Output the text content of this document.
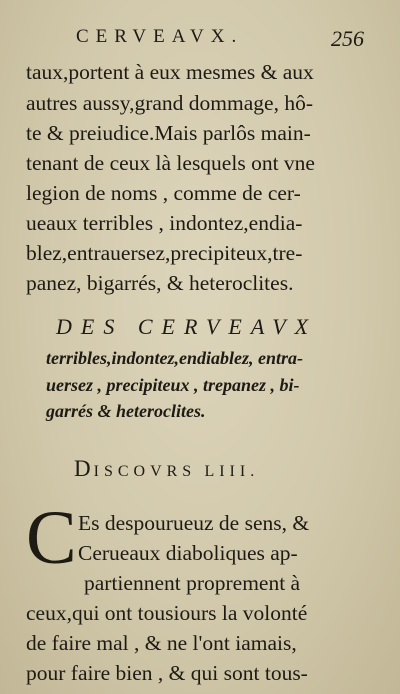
CERVEAVX.	256
taux,portent à eux mesmes & aux
autres aussy,grand dommage, hô-
te & preiudice.Mais parlôs main-
tenant de ceux là lesquels ont vne
legion de noms , comme de cer-
ueaux terribles , indontez,endia-
blez,entrauersez,precipiteux,tre-
panez, bigarrés, & heteroclites.
DES CERVEAVX
terribles,indontez,endiablez, entra-
uersez , precipiteux , trepanez , bi-
garrés & heteroclites.
DISCOVRS LIII.
C Es despourueuz de sens, &
Cerueaux diaboliques ap-
partiennent proprement à
ceux,qui ont tousiours la volonté
de faire mal , & ne l'ont iamais,
pour faire bien , & qui sont tous-
